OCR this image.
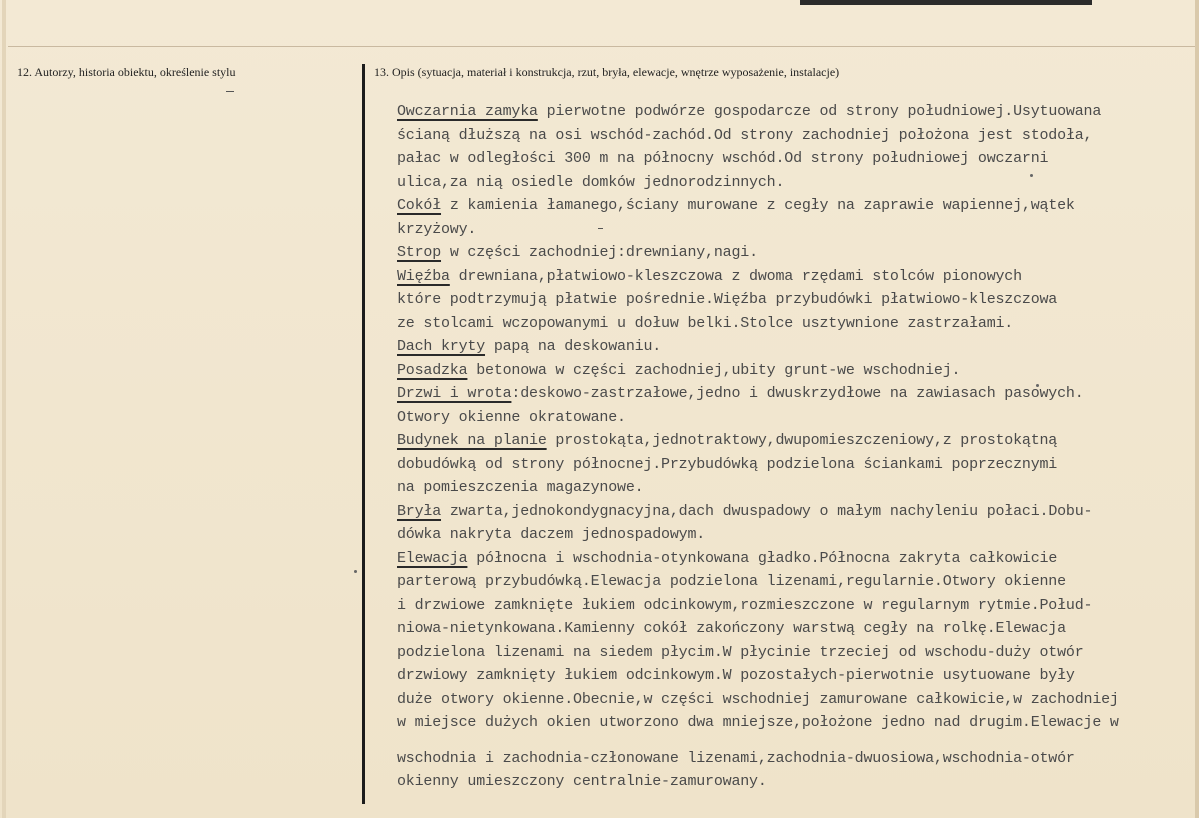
12. Autorzy, historia obiektu, określenie stylu	13. Opis (sytuacja, materiał i konstrukcja, rzut, bryła, elewacje, wnętrze wyposażenie, instalacje)
Owczarnia zamyka pierwotne podwórze gospodarcze od strony południowej.Usytuowana
ścianą dłuższą na osi wschód-zachód.Od strony zachodniej położona jest stodoła,
pałac w odległości 300 m na północny wschód.Od strony południowej owczarni
ulica,za nią osiedle domków jednorodzinnych.
Cokół z kamienia łamanego,ściany murowane z cegły na zaprawie wapiennej,wątek
krzyżowy.
Strop w części zachodniej:drewniany,nagi.
Więźba drewniana,płatwiowo-kleszczowa z dwoma rzędami stolców pionowych
które podtrzymują płatwie pośrednie.Więźba przybudówki płatwiowo-kleszczowa
ze stolcami wczopowanymi u dołuw belki.Stolce usztywnione zastrzałami.
Dach kryty papą na deskowaniu.
Posadzka betonowa w części zachodniej,ubity grunt-we wschodniej.
Drzwi i wrota:deskowo-zastrzałowe,jedno i dwuskrzydłowe na zawiasach pasowych.
Otwory okienne okratowane.
Budynek na planie prostokąta,jednotraktowy,dwupomieszczeniowy,z prostokątną
dobudówką od strony północnej.Przybudówką podzielona ściankami poprzecznymi
na pomieszczenia magazynowe.
Bryła zwarta,jednokondygnacyjna,dach dwuspadowy o małym nachyleniu połaci.Dobu-
dówka nakryta daczem jednospadowym.
Elewacja północna i wschodnia-otynkowana gładko.Północna zakryta całkowicie
parterową przybudówką.Elewacja podzielona lizenami,regularnie.Otwory okienne
i drzwiowe zamknięte łukiem odcinkowym,rozmieszczone w regularnym rytmie.Połud-
niowa-nietynkowana.Kamienny cokół zakończony warstwą cegły na rolkę.Elewacja
podzielona lizenami na siedem płycim.W płycinie trzeciej od wschodu-duży otwór
drzwiowy zamknięty łukiem odcinkowym.W pozostałych-pierwotnie usytuowane były
duże otwory okienne.Obecnie,w części wschodniej zamurowane całkowicie,w zachodniej
w miejsce dużych okien utworzono dwa mniejsze,położone jedno nad drugim.Elewacje w
wschodnia i zachodnia-członowane lizenami,zachodnia-dwuosiowa,wschodnia-otwór
okienny umieszczony centralnie-zamurowany.
